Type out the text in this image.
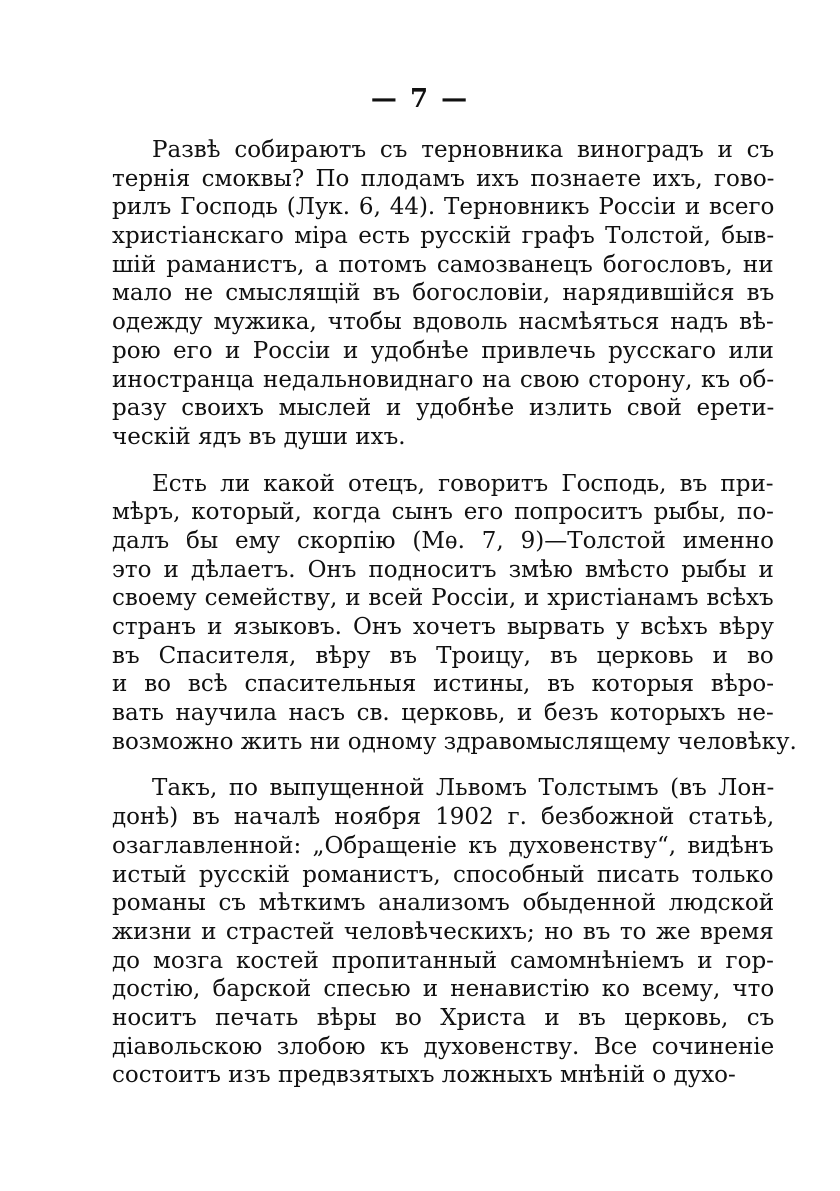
— 7 —
Развѣ собираютъ съ терновника виноградъ и съ
тернія смоквы? По плодамъ ихъ познаете ихъ, гово-
рилъ Господь (Лук. 6, 44). Терновникъ Россіи и всего
христіанскаго міра есть русскій графъ Толстой, быв-
шій раманистъ, а потомъ самозванецъ богословъ, ни
мало не смыслящій въ богословіи, нарядившійся въ
одежду мужика, чтобы вдоволь насмѣяться надъ вѣ-
рою его и Россіи и удобнѣе привлечь русскаго или
иностранца недальновиднаго на свою сторону, къ об-
разу своихъ мыслей и удобнѣе излить свой ерети-
ческій ядъ въ души ихъ.
Есть ли какой отецъ, говоритъ Господь, въ при-
мѣръ, который, когда сынъ его попроситъ рыбы, по-
далъ бы ему скорпію (Мѳ. 7, 9)—Толстой именно
это и дѣлаетъ. Онъ подноситъ змѣю вмѣсто рыбы и
своему семейству, и всей Россіи, и христіанамъ всѣхъ
странъ и языковъ. Онъ хочетъ вырвать у всѣхъ вѣру
въ Спасителя, вѣру въ Троицу, въ церковь и во
и во всѣ спасительныя истины, въ которыя вѣро-
вать научила насъ св. церковь, и безъ которыхъ не-
возможно жить ни одному здравомыслящему человѣку.
Такъ, по выпущенной Львомъ Толстымъ (въ Лон-
донѣ) въ началѣ ноября 1902 г. безбожной статьѣ,
озаглавленной: „Обращеніе къ духовенству“, видѣнъ
истый русскій романистъ, способный писать только
романы съ мѣткимъ анализомъ обыденной людской
жизни и страстей человѣческихъ; но въ то же время
до мозга костей пропитанный самомнѣніемъ и гор-
достію, барской спесью и ненавистію ко всему, что
носитъ печать вѣры во Христа и въ церковь, съ
діавольскою злобою къ духовенству. Все сочиненіе
состоитъ изъ предвзятыхъ ложныхъ мнѣній о духо-
